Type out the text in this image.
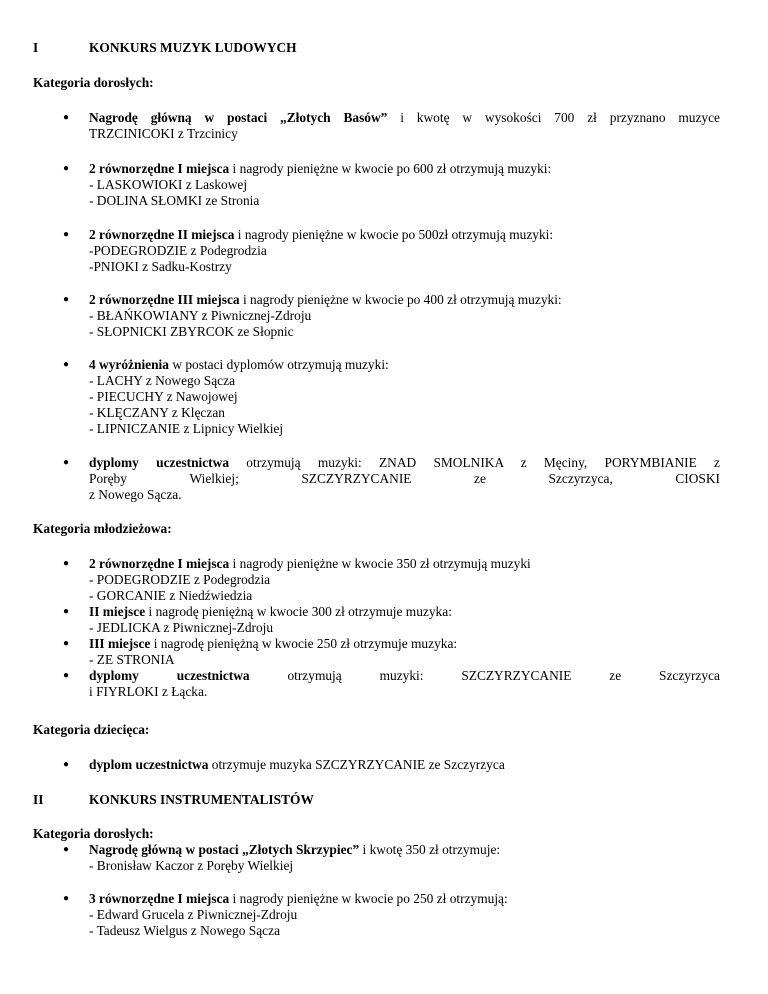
I	KONKURS MUZYK LUDOWYCH
Kategoria dorosłych:
● Nagrodę główną w postaci „Złotych Basów” i kwotę w wysokości 700 zł przyznano muzyce

TRZCINICOKI z Trzcinicy

● 2 równorzędne I miejsca i nagrody pieniężne w kwocie po 600 zł otrzymują muzyki:

- LASKOWIOKI z Laskowej

- DOLINA SŁOMKI ze Stronia

● 2 równorzędne II miejsca i nagrody pieniężne w kwocie po 500zł otrzymują muzyki:

-PODEGRODZIE z Podegrodzia

-PNIOKI z Sadku-Kostrzy

● 2 równorzędne III miejsca i nagrody pieniężne w kwocie po 400 zł otrzymują muzyki:

- BŁAŃKOWIANY z Piwnicznej-Zdroju

- SŁOPNICKI ZBYRCOK ze Słopnic

● 4 wyróżnienia w postaci dyplomów otrzymują muzyki:

- LACHY z Nowego Sącza

- PIECUCHY z Nawojowej

- KLĘCZANY z Klęczan

- LIPNICZANIE z Lipnicy Wielkiej

● dyplomy uczestnictwa otrzymują muzyki: ZNAD SMOLNIKA z Męciny, PORYMBIANIE z

Poręby	Wielkiej;	SZCZYRZYCANIE	ze	Szczyrzyca,	CIOSKI

z Nowego Sącza.

Kategoria młodzieżowa:
● 2 równorzędne I miejsca i nagrody pieniężne w kwocie 350 zł otrzymują muzyki

- PODEGRODZIE z Podegrodzia

- GORCANIE z Niedźwiedzia

● II miejsce i nagrodę pieniężną w kwocie 300 zł otrzymuje muzyka:

- JEDLICKA z Piwnicznej-Zdroju

● III miejsce i nagrodę pieniężną w kwocie 250 zł otrzymuje muzyka:

- ZE STRONIA

● dyplomy	uczestnictwa	otrzymują	muzyki:	SZCZYRZYCANIE	ze	Szczyrzyca

i FIYRLOKI z Łącka.

Kategoria dziecięca:
● dyplom uczestnictwa otrzymuje muzyka SZCZYRZYCANIE ze Szczyrzyca

II	KONKURS INSTRUMENTALISTÓW
Kategoria dorosłych:
● Nagrodę główną w postaci „Złotych Skrzypiec” i kwotę 350 zł otrzymuje:

- Bronisław Kaczor z Poręby Wielkiej

● 3 równorzędne I miejsca i nagrody pieniężne w kwocie po 250 zł otrzymują:

- Edward Grucela z Piwnicznej-Zdroju

- Tadeusz Wielgus z Nowego Sącza
